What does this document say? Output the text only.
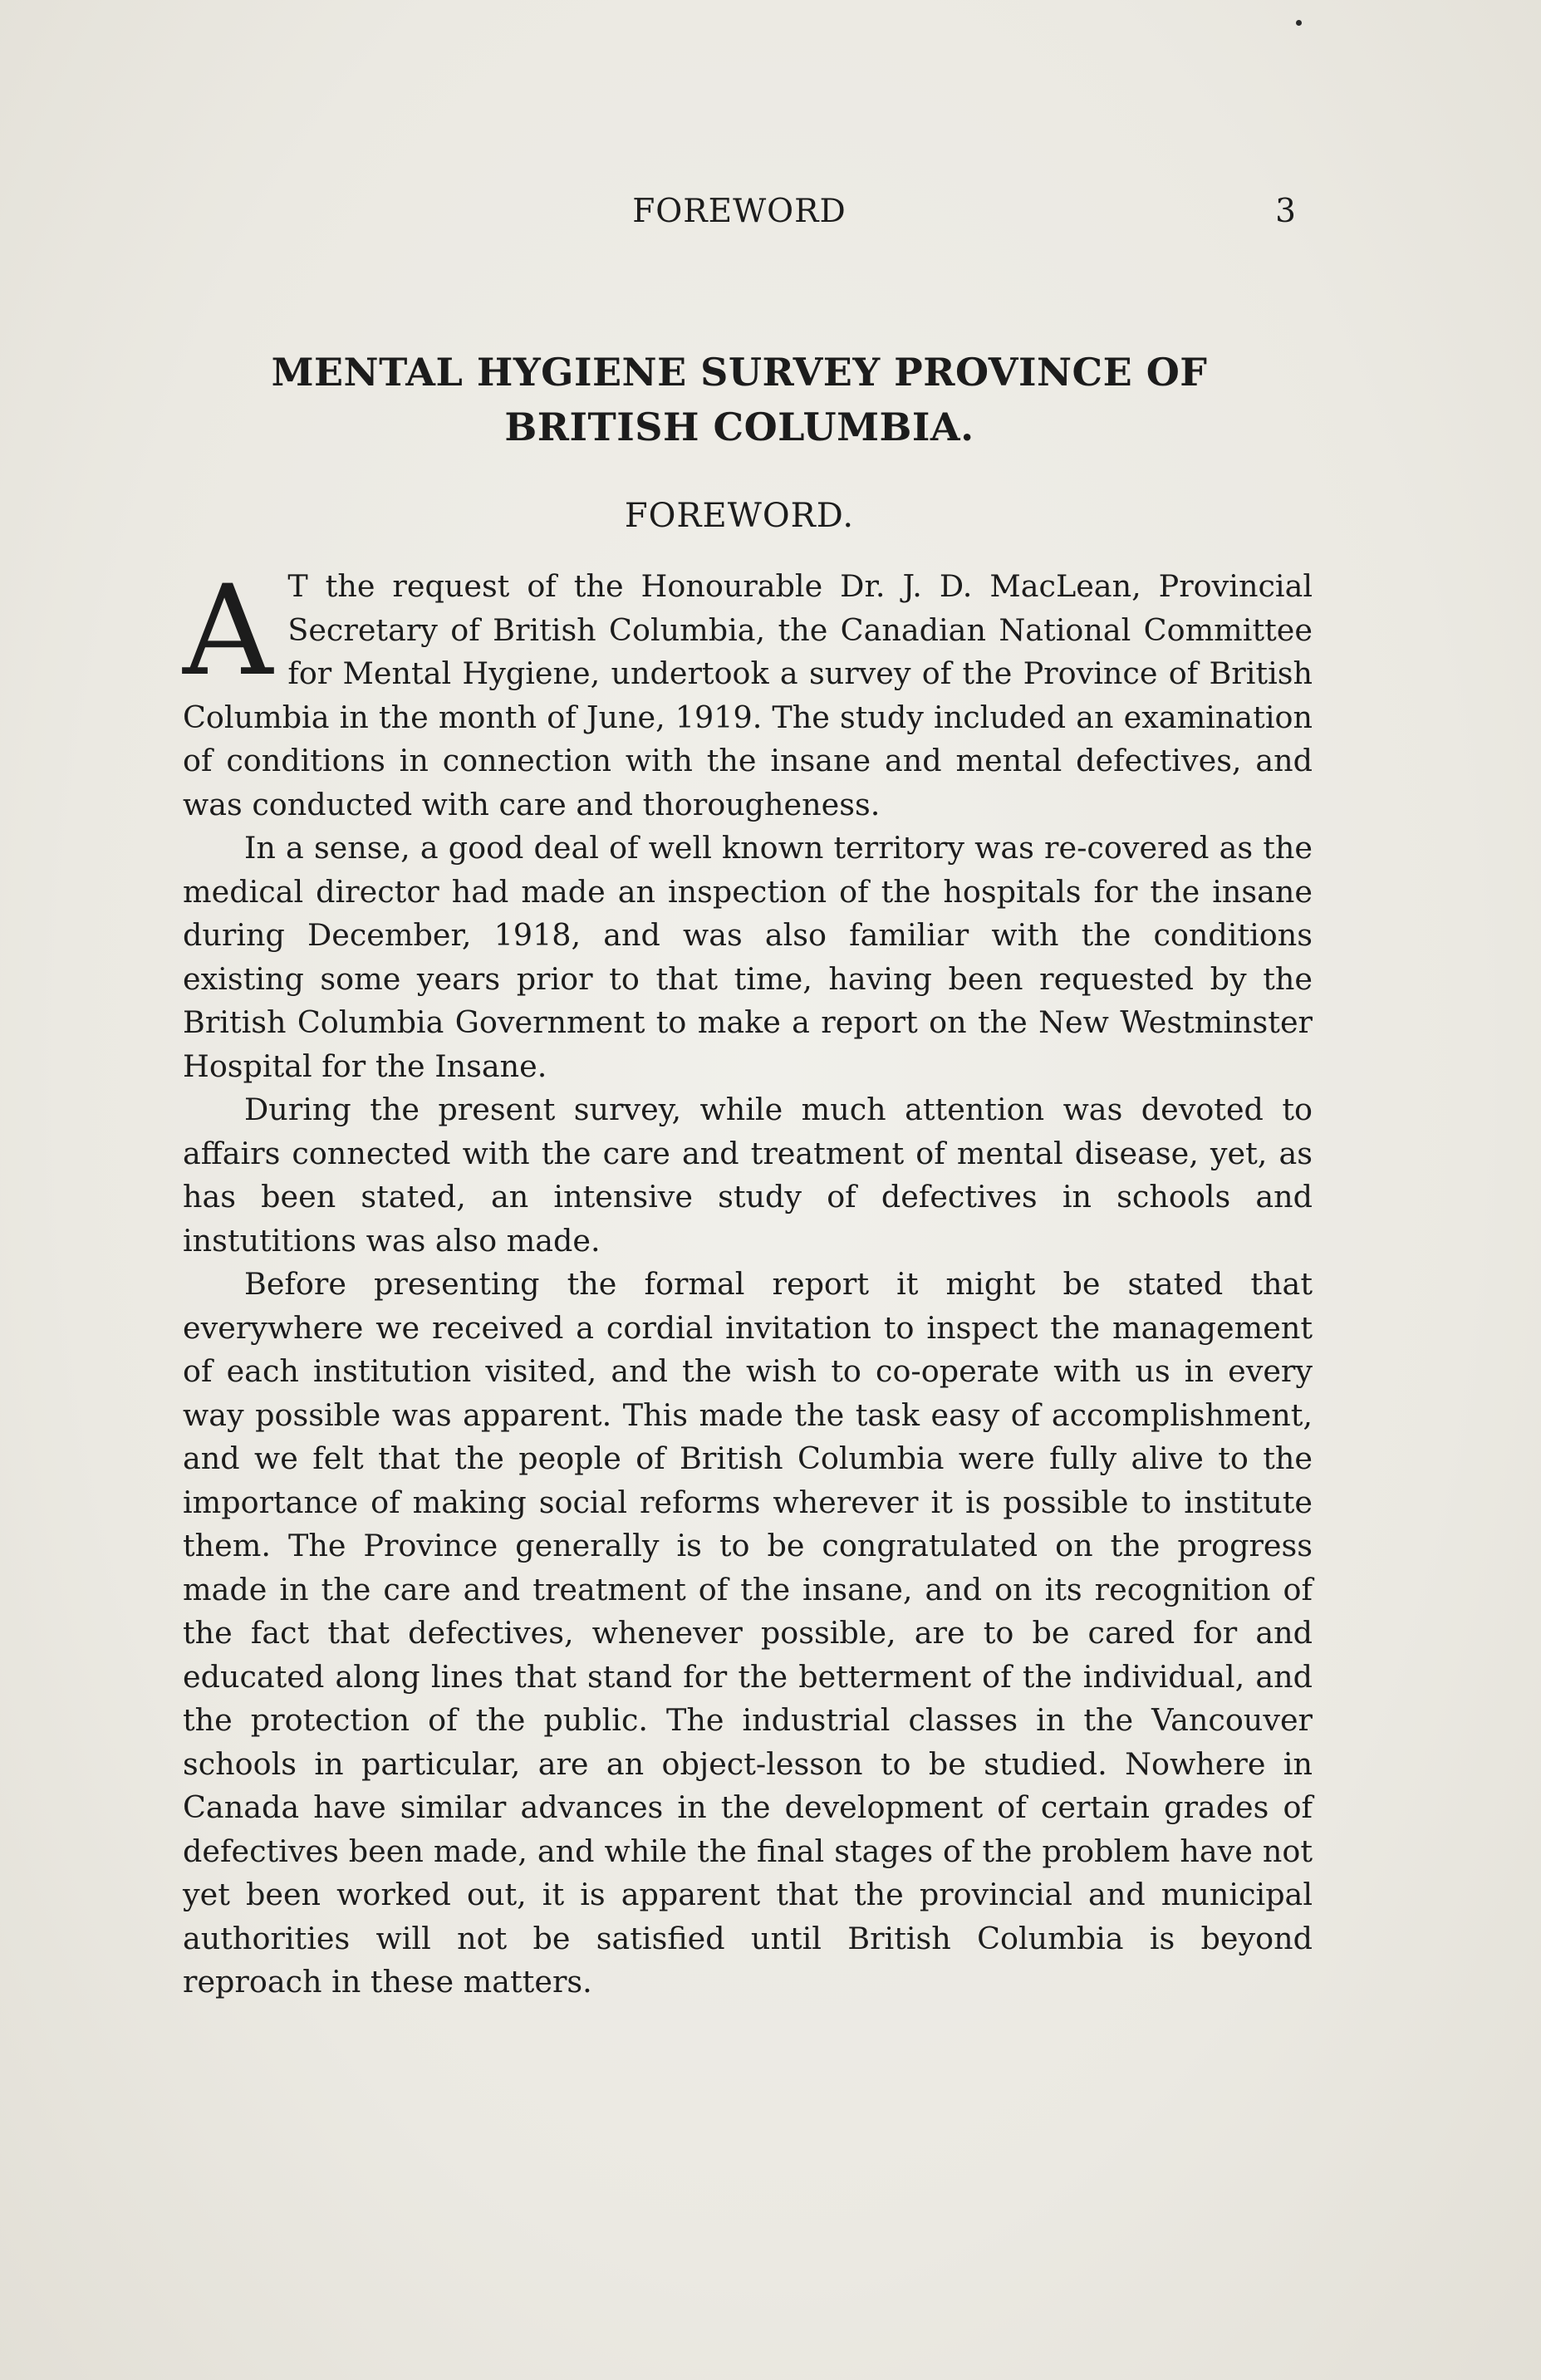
FOREWORD	3
MENTAL HYGIENE SURVEY PROVINCE OF
BRITISH COLUMBIA.
FOREWORD.

A T the request of the Honourable Dr. J. D. MacLean, Provincial Secretary of British Columbia, the Canadian National Committee for Mental Hygiene, undertook a survey of the Province of British Columbia in the month of June, 1919. The study included an examination of conditions in connection with the insane and mental defectives, and was conducted with care and thorougheness.

In a sense, a good deal of well known territory was re-covered as the medical director had made an inspection of the hospitals for the insane during December, 1918, and was also familiar with the conditions existing some years prior to that time, having been requested by the British Columbia Government to make a report on the New Westminster Hospital for the Insane.

During the present survey, while much attention was devoted to affairs connected with the care and treatment of mental disease, yet, as has been stated, an intensive study of defectives in schools and instutitions was also made.

Before presenting the formal report it might be stated that everywhere we received a cordial invitation to inspect the management of each institution visited, and the wish to co-operate with us in every way possible was apparent. This made the task easy of accomplishment, and we felt that the people of British Columbia were fully alive to the importance of making social reforms wherever it is possible to institute them. The Province generally is to be congratulated on the progress made in the care and treatment of the insane, and on its recognition of the fact that defectives, whenever possible, are to be cared for and educated along lines that stand for the betterment of the individual, and the protection of the public. The industrial classes in the Vancouver schools in particular, are an object-lesson to be studied. Nowhere in Canada have similar advances in the development of certain grades of defectives been made, and while the final stages of the problem have not yet been worked out, it is apparent that the provincial and municipal authorities will not be satisfied until British Columbia is beyond reproach in these matters.
